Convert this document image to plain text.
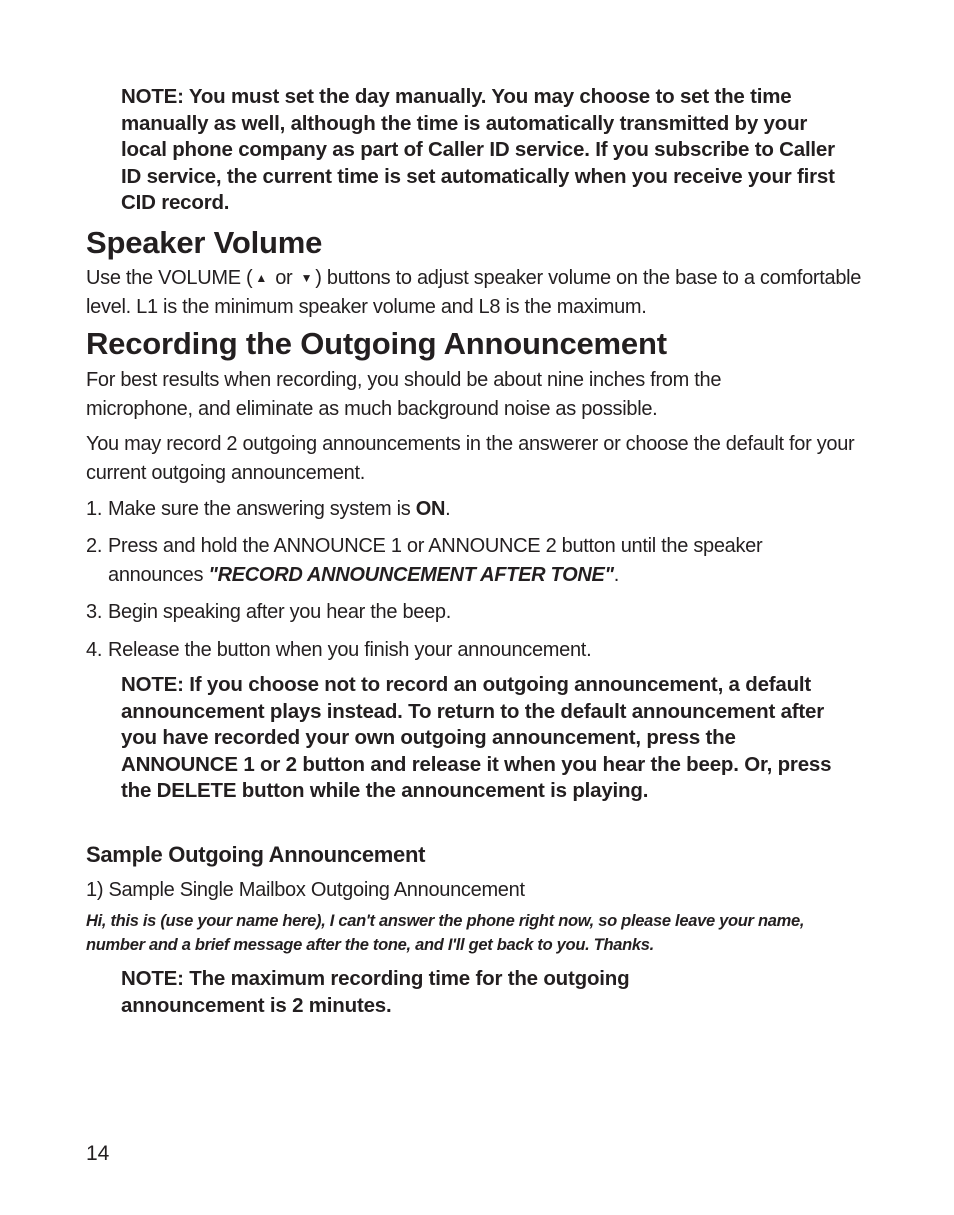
NOTE: You must set the day manually. You may choose to set the time manually as well, although the time is automatically transmitted by your local phone company as part of Caller ID service. If you subscribe to Caller ID service, the current time is set automatically when you receive your first CID record.

Speaker Volume

Use the VOLUME ( ▲ or ▼ ) buttons to adjust speaker volume on the base to a comfortable level. L1 is the minimum speaker volume and L8 is the maximum.

Recording the Outgoing Announcement

For best results when recording, you should be about nine inches from the microphone, and eliminate as much background noise as possible.

You may record 2 outgoing announcements in the answerer or choose the default for your current outgoing announcement.

1. Make sure the answering system is ON.

2. Press and hold the ANNOUNCE 1 or ANNOUNCE 2 button until the speaker
announces "RECORD ANNOUNCEMENT AFTER TONE".

3. Begin speaking after you hear the beep.

4. Release the button when you finish your announcement.

NOTE: If you choose not to record an outgoing announcement, a default announcement plays instead. To return to the default announcement after you have recorded your own outgoing announcement, press the ANNOUNCE 1 or 2 button and release it when you hear the beep. Or, press the DELETE button while the announcement is playing.

Sample Outgoing Announcement

1) Sample Single Mailbox Outgoing Announcement

Hi, this is (use your name here), I can't answer the phone right now, so please leave your name, number and a brief message after the tone, and I'll get back to you. Thanks.

NOTE: The maximum recording time for the outgoing announcement is 2 minutes.

14
